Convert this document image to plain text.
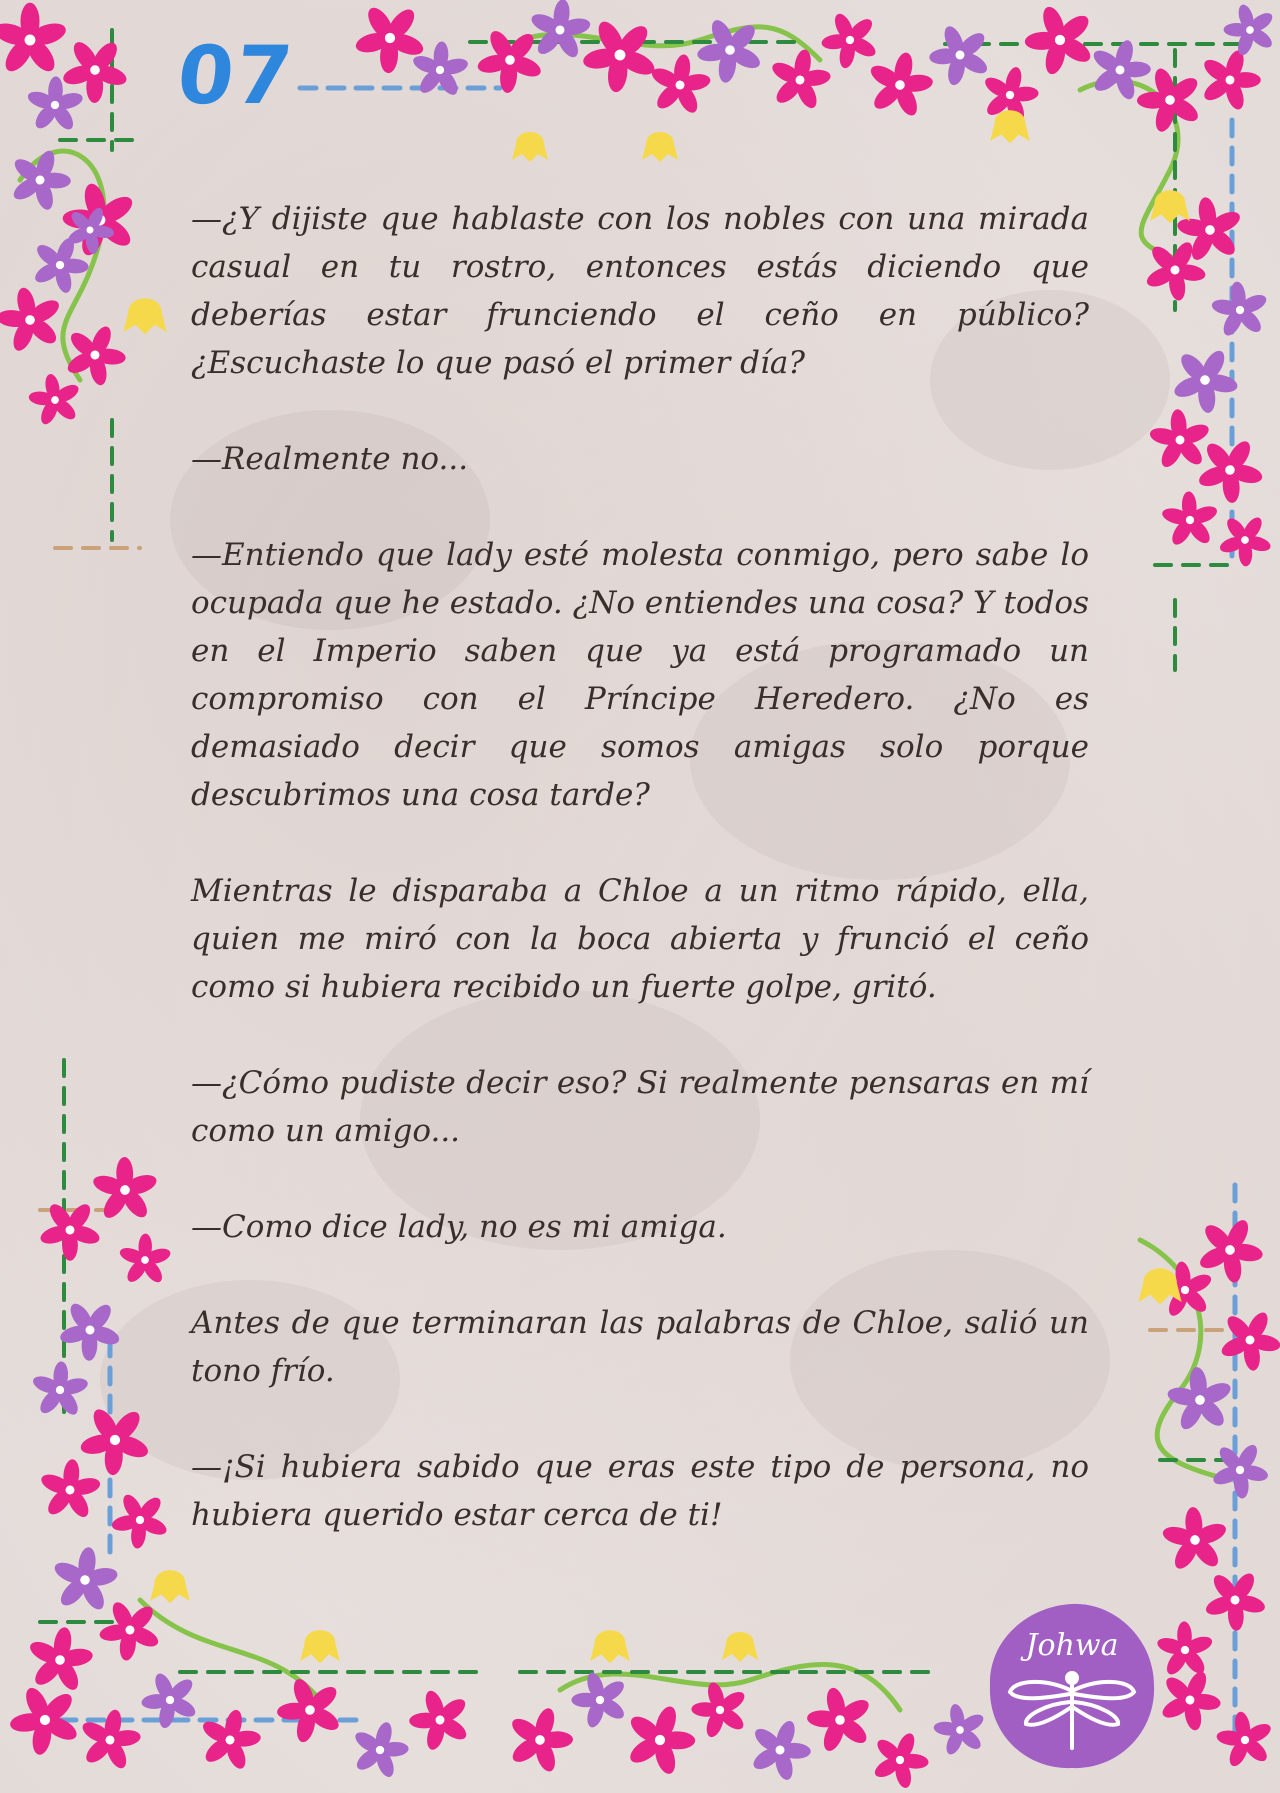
07

—¿Y dijiste que hablaste con los nobles con una mirada casual en tu rostro, entonces estás diciendo que deberías estar frunciendo el ceño en público? ¿Escuchaste lo que pasó el primer día?

—Realmente no...

—Entiendo que lady esté molesta conmigo, pero sabe lo ocupada que he estado. ¿No entiendes una cosa? Y todos en el Imperio saben que ya está programado un compromiso con el Príncipe Heredero. ¿No es demasiado decir que somos amigas solo porque descubrimos una cosa tarde?

Mientras le disparaba a Chloe a un ritmo rápido, ella, quien me miró con la boca abierta y frunció el ceño como si hubiera recibido un fuerte golpe, gritó.

—¿Cómo pudiste decir eso? Si realmente pensaras en mí como un amigo...

—Como dice lady, no es mi amiga.

Antes de que terminaran las palabras de Chloe, salió un tono frío.

—¡Si hubiera sabido que eras este tipo de persona, no hubiera querido estar cerca de ti!

Johwa
